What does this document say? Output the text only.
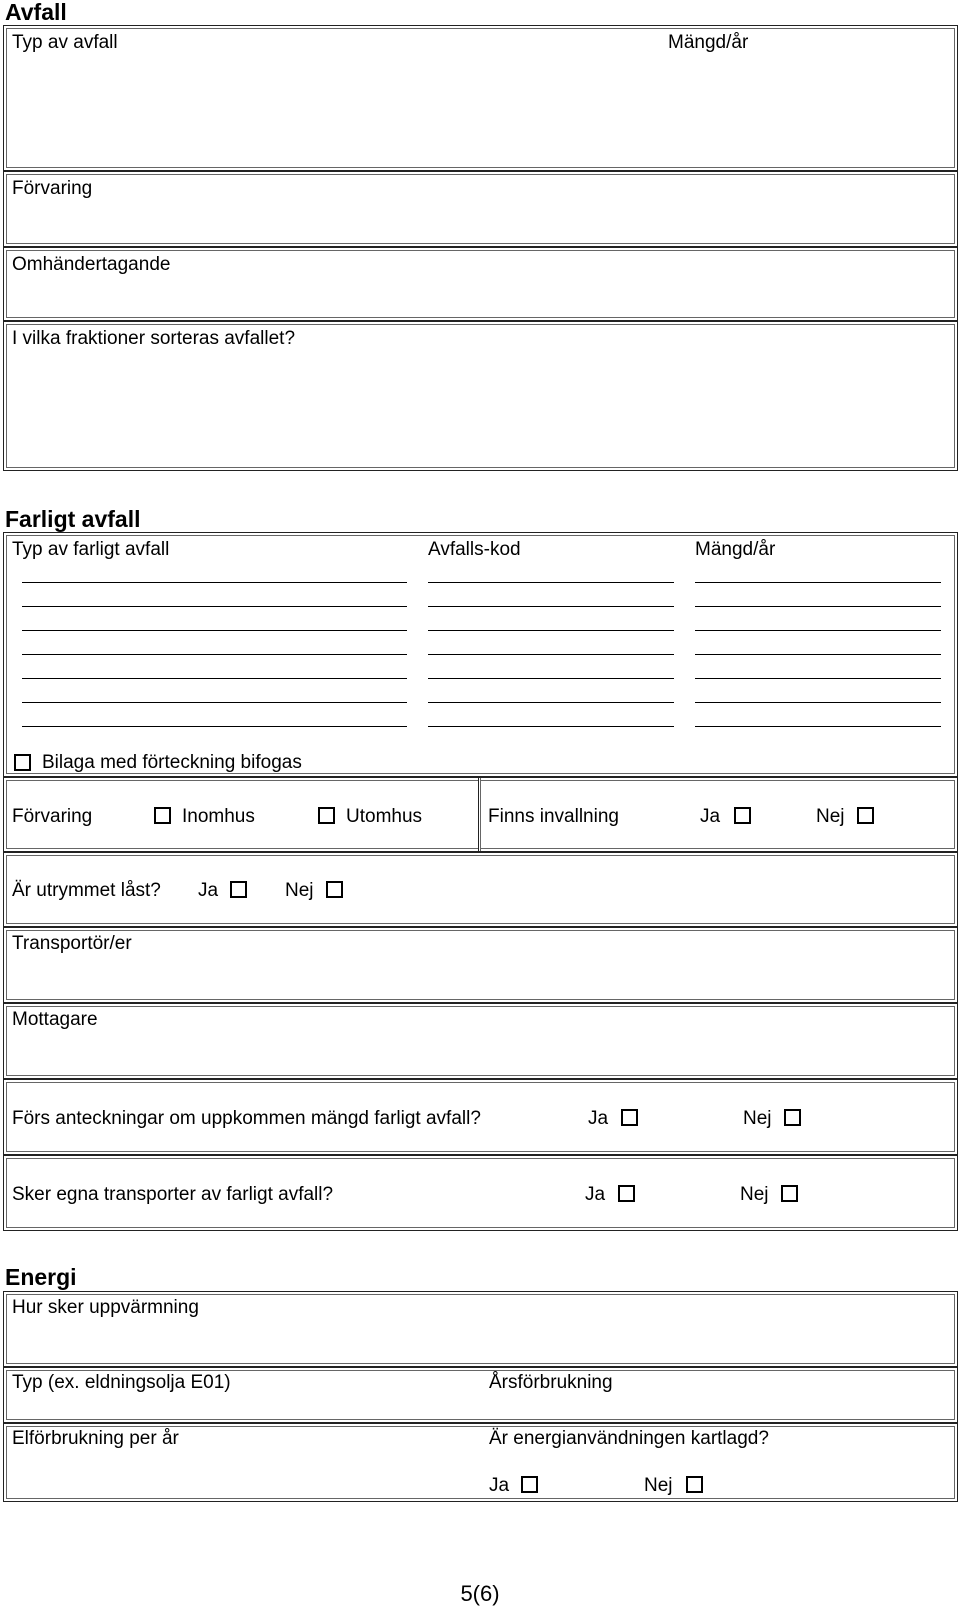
Avfall
Typ av avfall	Mängd/år
Förvaring
Omhändertagande
I vilka fraktioner sorteras avfallet?
Farligt avfall
Typ av farligt avfall	Avfalls-kod	Mängd/år
Bilaga med förteckning bifogas
Förvaring	Inomhus	Utomhus	Finns invallning	Ja	Nej
Är utrymmet låst? Ja	Nej
Transportör/er
Mottagare
Förs anteckningar om uppkommen mängd farligt avfall?	Ja	Nej
Sker egna transporter av farligt avfall?	Ja	Nej
Energi
Hur sker uppvärmning
Typ (ex. eldningsolja E01)	Årsförbrukning
Elförbrukning per år	Är energianvändningen kartlagd?
Ja	Nej
5(6)
